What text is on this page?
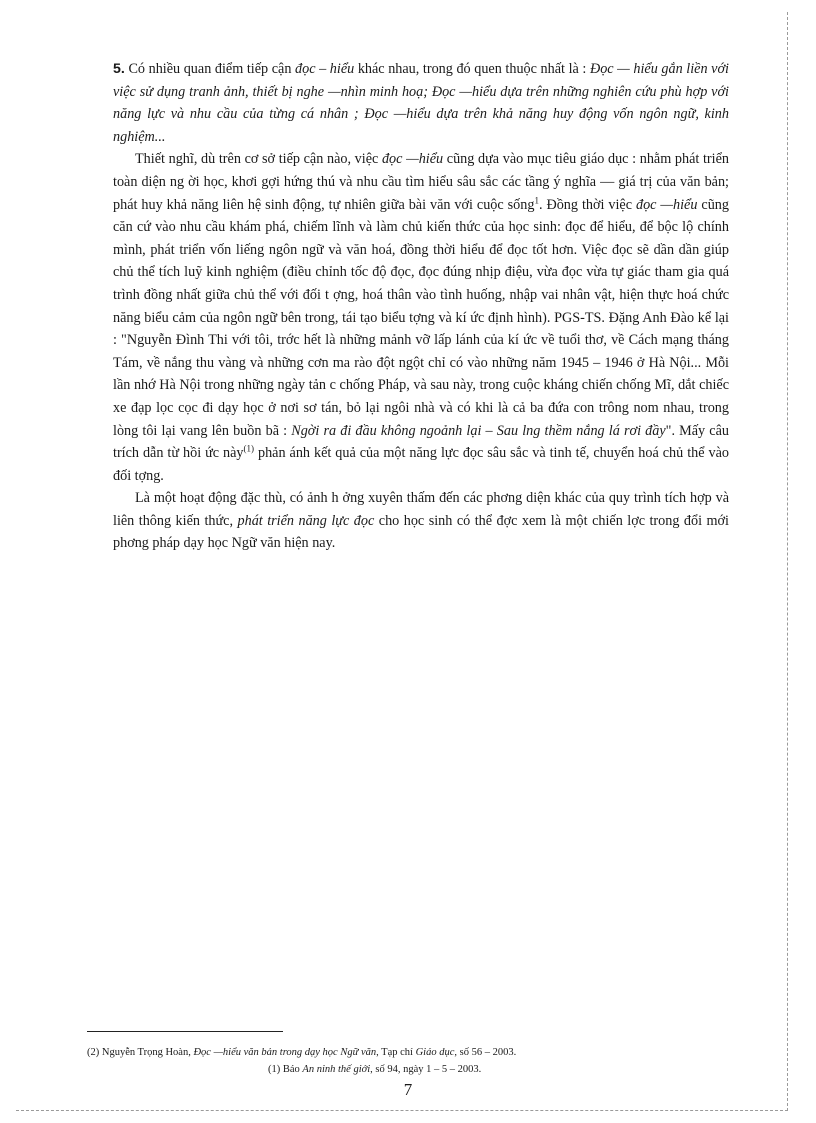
5. Có nhiều quan điểm tiếp cận đọc – hiểu khác nhau, trong đó quen thuộc nhất là : Đọc — hiểu gắn liền với việc sử dụng tranh ảnh, thiết bị nghe —nhìn minh hoạ; Đọc —hiểu dựa trên những nghiên cứu phù hợp với năng lực và nhu cầu của từng cá nhân ; Đọc —hiểu dựa trên khả năng huy động vốn ngôn ngữ, kinh nghiệm...

Thiết nghĩ, dù trên cơ sở tiếp cận nào, việc đọc —hiểu cũng dựa vào mục tiêu giáo dục : nhằm phát triển toàn diện ng ời học, khơi gợi hứng thú và nhu cầu tìm hiểu sâu sắc các tầng ý nghĩa — giá trị của văn bản; phát huy khả năng liên hệ sinh động, tự nhiên giữa bài văn với cuộc sống$^1$. Đồng thời việc đọc —hiểu cũng căn cứ vào nhu cầu khám phá, chiếm lĩnh và làm chủ kiến thức của học sinh: đọc để hiểu, để bộc lộ chính mình, phát triển vốn liếng ngôn ngữ và văn hoá, đồng thời hiểu để đọc tốt hơn. Việc đọc sẽ dần dần giúp chủ thể tích luỹ kinh nghiệm (điều chỉnh tốc độ đọc, đọc đúng nhịp điệu, vừa đọc vừa tự giác tham gia quá trình đồng nhất giữa chủ thể với đối t ợng, hoá thân vào tình huống, nhập vai nhân vật, hiện thực hoá chức năng biểu cảm của ngôn ngữ bên trong, tái tạo biểu tợng và kí ức định hình). PGS-TS. Đặng Anh Đào kể lại : "Nguyễn Đình Thi với tôi, trớc hết là những mảnh vỡ lấp lánh của kí ức về tuổi thơ, về Cách mạng tháng Tám, về nắng thu vàng và những cơn ma rào đột ngột chỉ có vào những năm 1945 – 1946 ở Hà Nội... Mỗi lần nhớ Hà Nội trong những ngày tản c chống Pháp, và sau này, trong cuộc kháng chiến chống Mĩ, dắt chiếc xe đạp lọc cọc đi dạy học ở nơi sơ tán, bỏ lại ngôi nhà và có khi là cả ba đứa con trông nom nhau, trong lòng tôi lại vang lên buồn bã : Ngời ra đi đầu không ngoảnh lại – Sau lng thềm nắng lá rơi đầy". Mấy câu trích dẫn từ hồi ức này$^{(1)}$ phản ánh kết quả của một năng lực đọc sâu sắc và tinh tế, chuyển hoá chủ thể vào đối tợng.

Là một hoạt động đặc thù, có ảnh h ởng xuyên thấm đến các phơng diện khác của quy trình tích hợp và liên thông kiến thức, phát triển năng lực đọc cho học sinh có thể đợc xem là một chiến lợc trong đổi mới phơng pháp dạy học Ngữ văn hiện nay.

(2) Nguyễn Trọng Hoàn, Đọc —hiểu văn bản trong dạy học Ngữ văn, Tạp chí Giáo dục, số 56 – 2003.
(1) Báo An ninh thế giới, số 94, ngày 1 – 5 – 2003.
7
